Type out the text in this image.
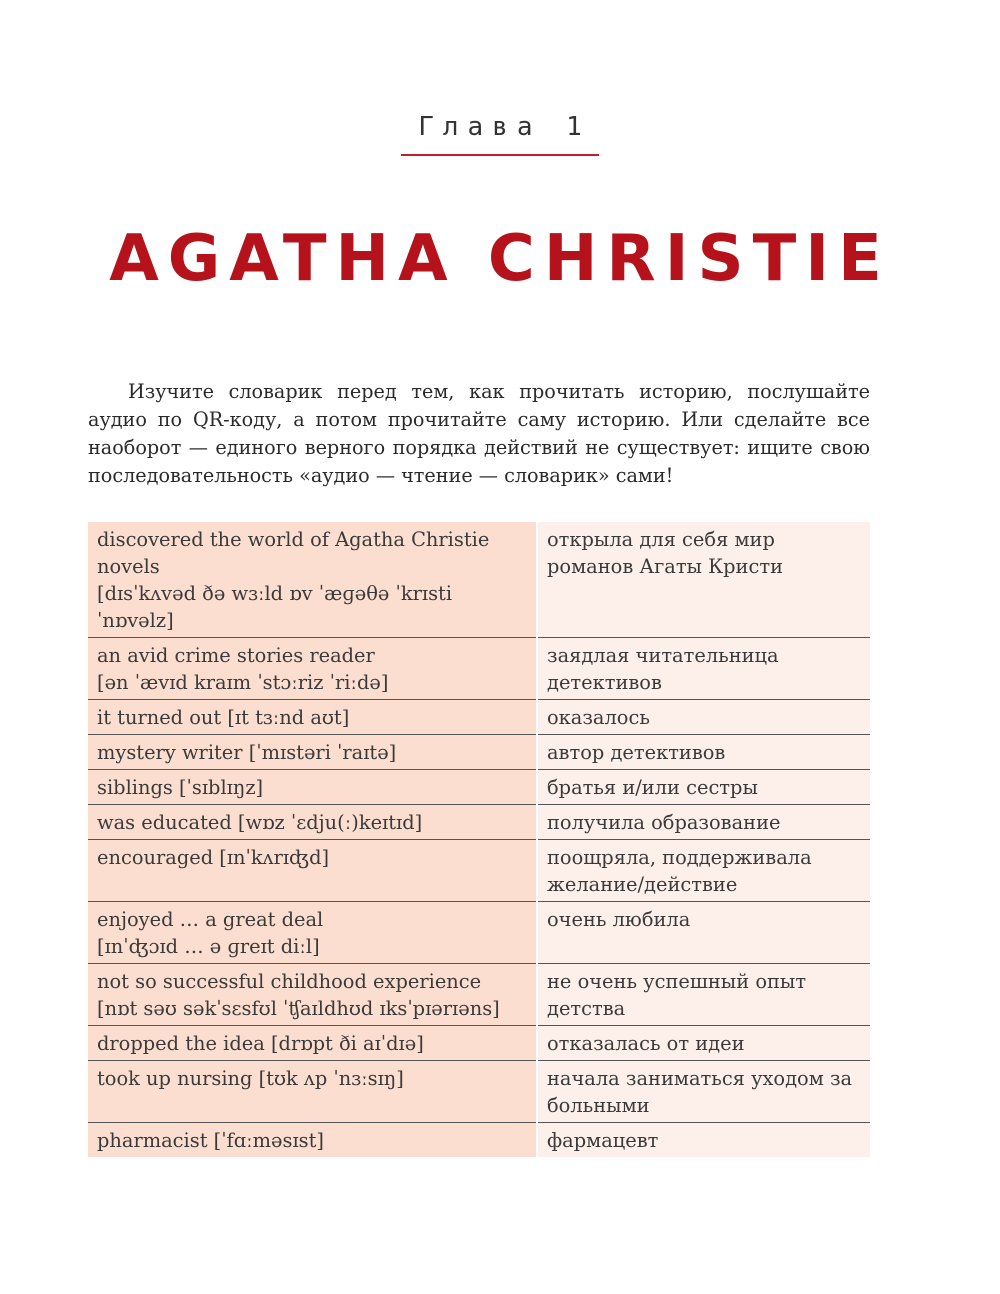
Глава 1
AGATHA CHRISTIE

Изучите словарик перед тем, как прочитать историю, послушайте аудио по QR-коду, а потом прочитайте саму историю. Или сделайте все наоборот — единого верного порядка действий не существует: ищите свою последовательность «аудио — чтение — словарик» сами!

discovered the world of Agatha Christie novels
[dɪsˈkʌvəd ðə wɜːld ɒv ˈæɡəθə ˈkrɪsti ˈnɒvəlz]	открыла для себя мир романов Агаты Кристи

an avid crime stories reader
[ən ˈævɪd kraɪm ˈstɔːriz ˈriːdə]	заядлая читательница детективов

it turned out [ɪt tɜːnd aʊt]	оказалось

mystery writer [ˈmɪstəri ˈraɪtə]	автор детективов

siblings [ˈsɪblɪŋz]	братья и/или сестры

was educated [wɒz ˈɛdju(ː)keɪtɪd]	получила образование

encouraged [ɪnˈkʌrɪʤd]	поощряла, поддерживала желание/действие

enjoyed … a great deal
[ɪnˈʤɔɪd … ə ɡreɪt diːl]	очень любила

not so successful childhood experience
[nɒt səʊ səkˈsɛsfʊl ˈʧaɪldhʊd ɪksˈpɪərɪəns]	не очень успешный опыт детства

dropped the idea [drɒpt ði aɪˈdɪə]	отказалась от идеи

took up nursing [tʊk ʌp ˈnɜːsɪŋ]	начала заниматься уходом за больными

pharmacist [ˈfɑːməsɪst]	фармацевт
